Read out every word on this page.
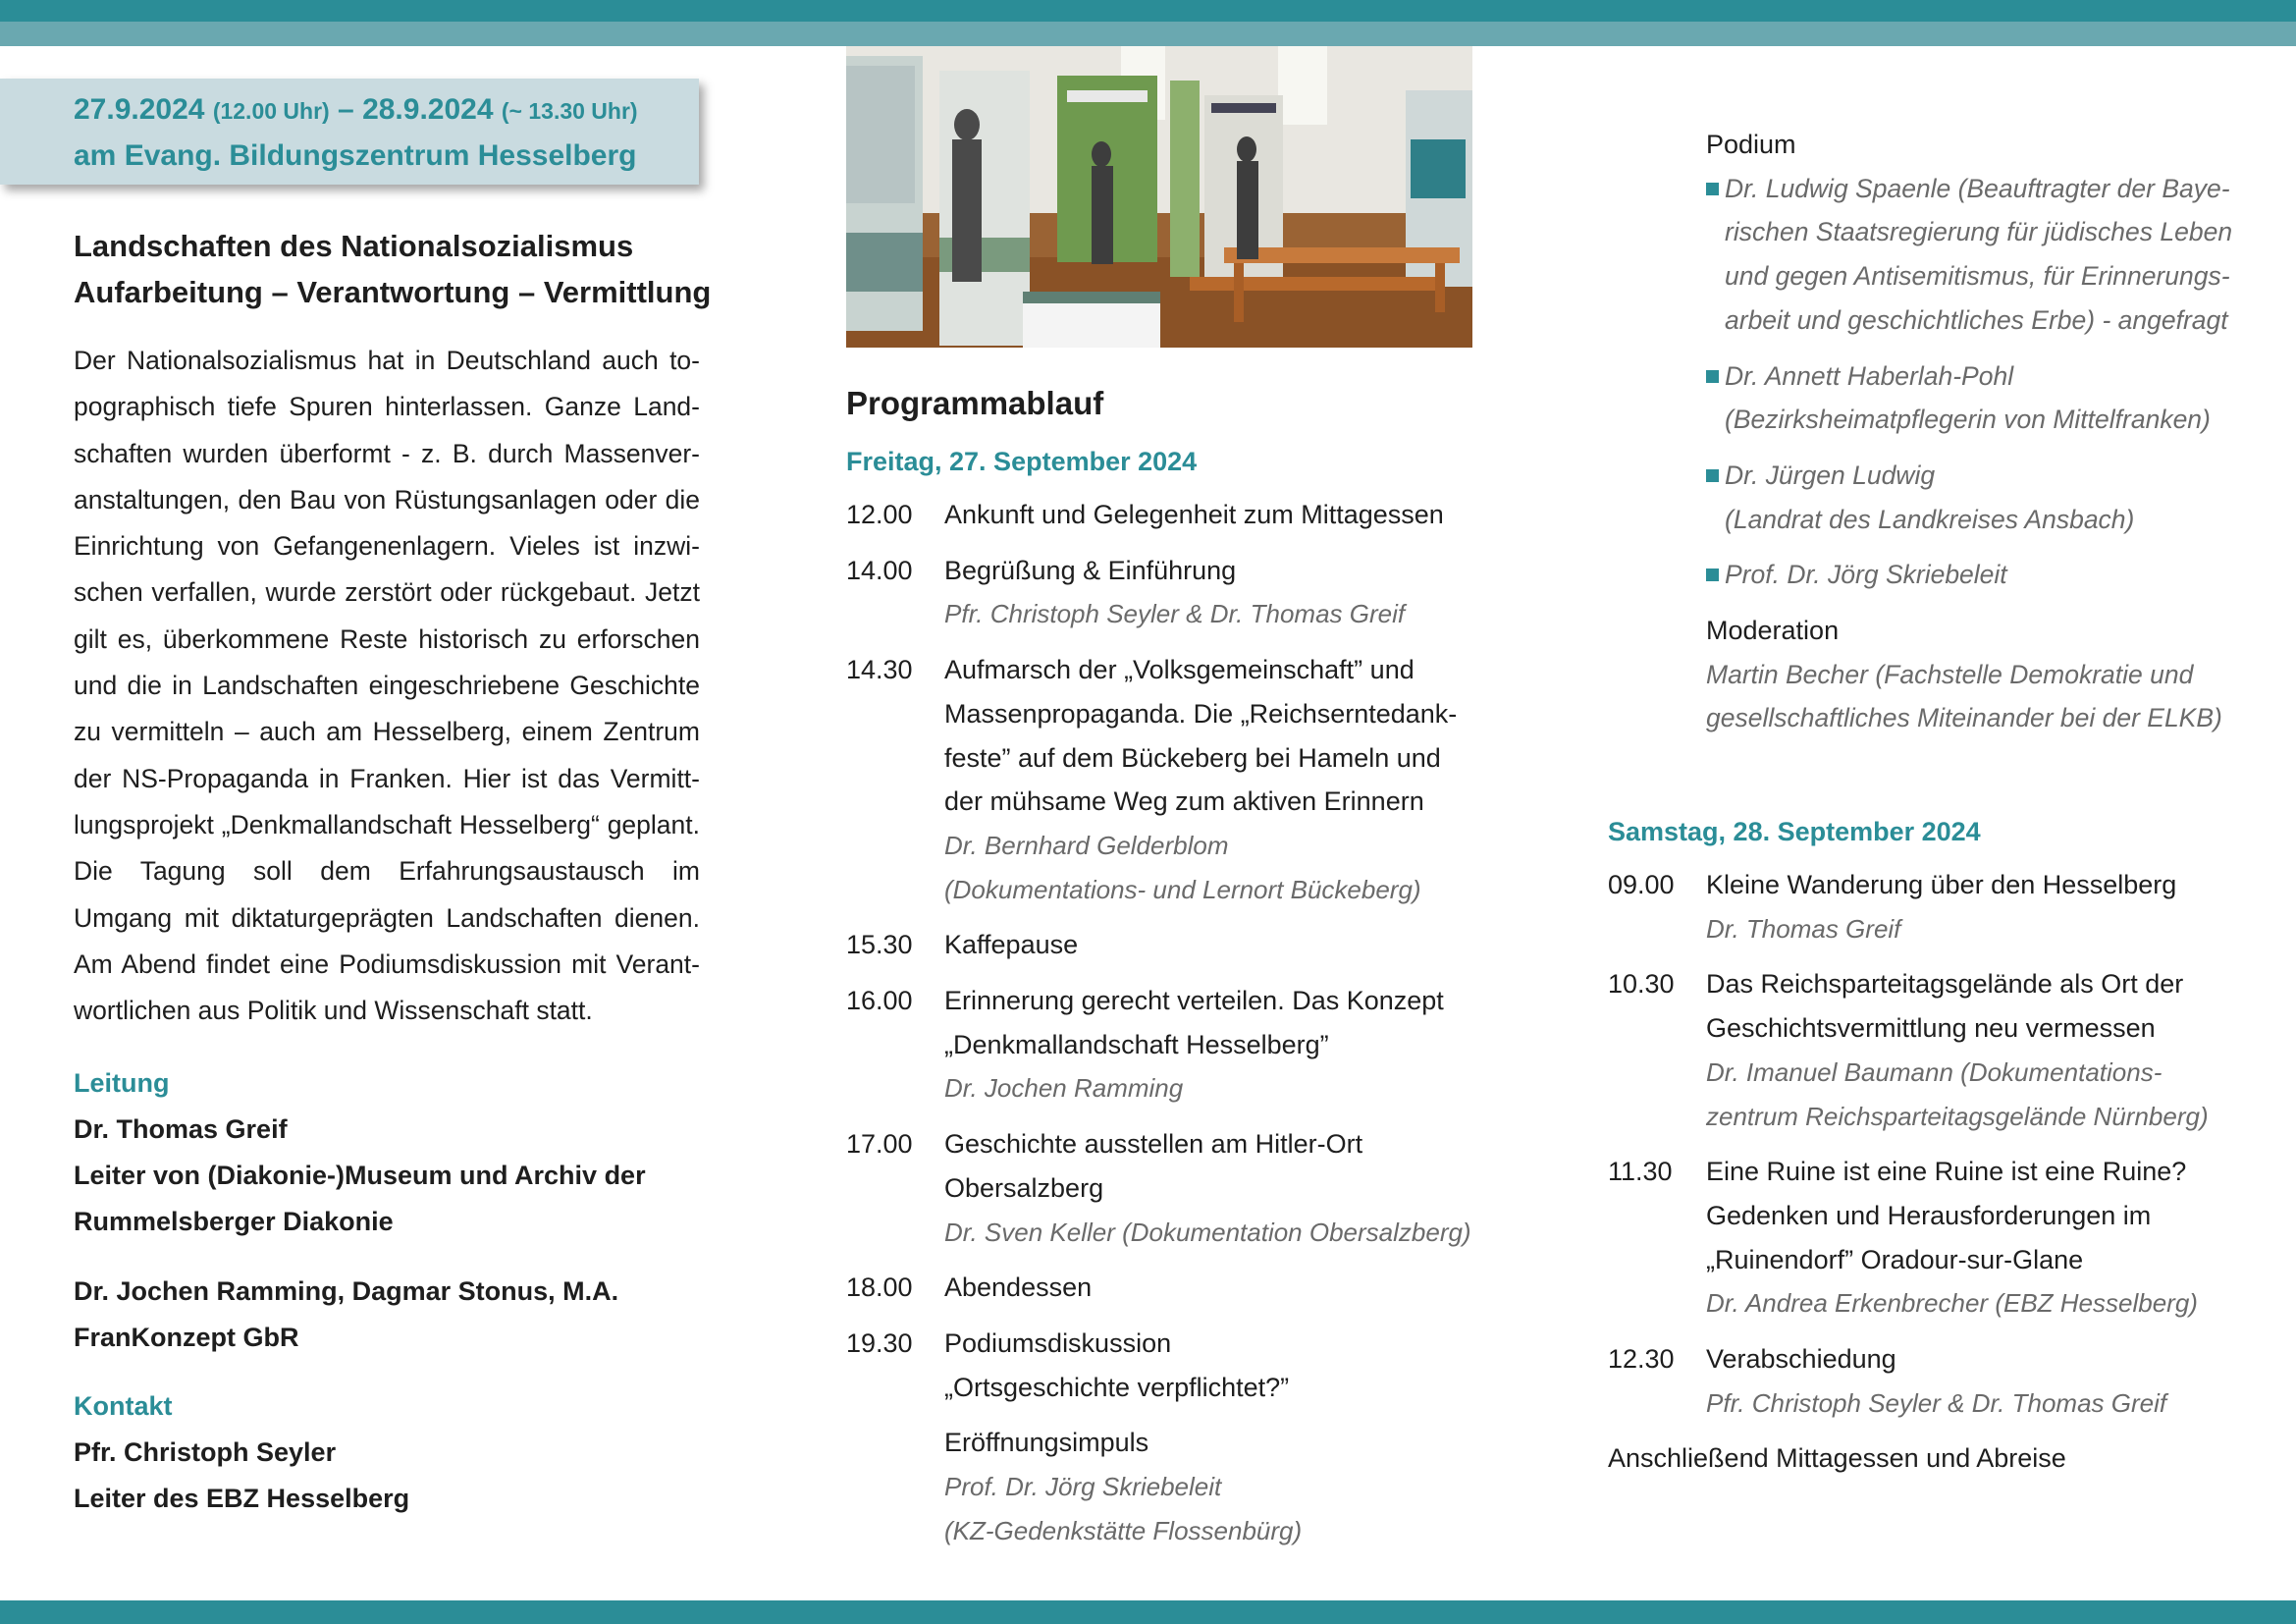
27.9.2024 (12.00 Uhr) – 28.9.2024 (~ 13.30 Uhr)
am Evang. Bildungszentrum Hesselberg
Landschaften des Nationalsozialismus
Aufarbeitung – Verantwortung – Vermittlung
Der Nationalsozialismus hat in Deutschland auch topographisch tiefe Spuren hinterlassen. Ganze Landschaften wurden überformt - z. B. durch Massenveranstaltungen, den Bau von Rüstungsanlagen oder die Einrichtung von Gefangenenlagern. Vieles ist inzwischen verfallen, wurde zerstört oder rückgebaut. Jetzt gilt es, überkommene Reste historisch zu erforschen und die in Landschaften eingeschriebene Geschichte zu vermitteln – auch am Hesselberg, einem Zentrum der NS-Propaganda in Franken. Hier ist das Vermittlungsprojekt „Denkmallandschaft Hesselberg“ geplant. Die Tagung soll dem Erfahrungsaustausch im Umgang mit diktaturgeprägten Landschaften dienen. Am Abend findet eine Podiumsdiskussion mit Verantwortlichen aus Politik und Wissenschaft statt.
Leitung
Dr. Thomas Greif
Leiter von (Diakonie-)Museum und Archiv der
Rummelsberger Diakonie
Dr. Jochen Ramming, Dagmar Stonus, M.A.
FranKonzept GbR
Kontakt
Pfr. Christoph Seyler
Leiter des EBZ Hesselberg
Programmablauf
Freitag, 27. September 2024
12.00	Ankunft und Gelegenheit zum Mittagessen
14.00	Begrüßung & Einführung
Pfr. Christoph Seyler & Dr. Thomas Greif
14.30	Aufmarsch der „Volksgemeinschaft” und
Massenpropaganda. Die „Reichserntedank-
feste” auf dem Bückeberg bei Hameln und
der mühsame Weg zum aktiven Erinnern
Dr. Bernhard Gelderblom
(Dokumentations- und Lernort Bückeberg)
15.30	Kaffepause
16.00	Erinnerung gerecht verteilen. Das Konzept
„Denkmallandschaft Hesselberg”
Dr. Jochen Ramming
17.00	Geschichte ausstellen am Hitler-Ort
Obersalzberg
Dr. Sven Keller (Dokumentation Obersalzberg)
18.00	Abendessen
19.30	Podiumsdiskussion
„Ortsgeschichte verpflichtet?”
Eröffnungsimpuls
Prof. Dr. Jörg Skriebeleit
(KZ-Gedenkstätte Flossenbürg)
Podium
Dr. Ludwig Spaenle (Beauftragter der Baye-
rischen Staatsregierung für jüdisches Leben
und gegen Antisemitismus, für Erinnerungs-
arbeit und geschichtliches Erbe) - angefragt
Dr. Annett Haberlah-Pohl
(Bezirksheimatpflegerin von Mittelfranken)
Dr. Jürgen Ludwig
(Landrat des Landkreises Ansbach)
Prof. Dr. Jörg Skriebeleit
Moderation
Martin Becher (Fachstelle Demokratie und
gesellschaftliches Miteinander bei der ELKB)
Samstag, 28. September 2024
09.00	Kleine Wanderung über den Hesselberg
Dr. Thomas Greif
10.30	Das Reichsparteitagsgelände als Ort der
Geschichtsvermittlung neu vermessen
Dr. Imanuel Baumann (Dokumentations-
zentrum Reichsparteitagsgelände Nürnberg)
11.30	Eine Ruine ist eine Ruine ist eine Ruine?
Gedenken und Herausforderungen im
„Ruinendorf” Oradour-sur-Glane
Dr. Andrea Erkenbrecher (EBZ Hesselberg)
12.30	Verabschiedung
Pfr. Christoph Seyler & Dr. Thomas Greif
Anschließend Mittagessen und Abreise
